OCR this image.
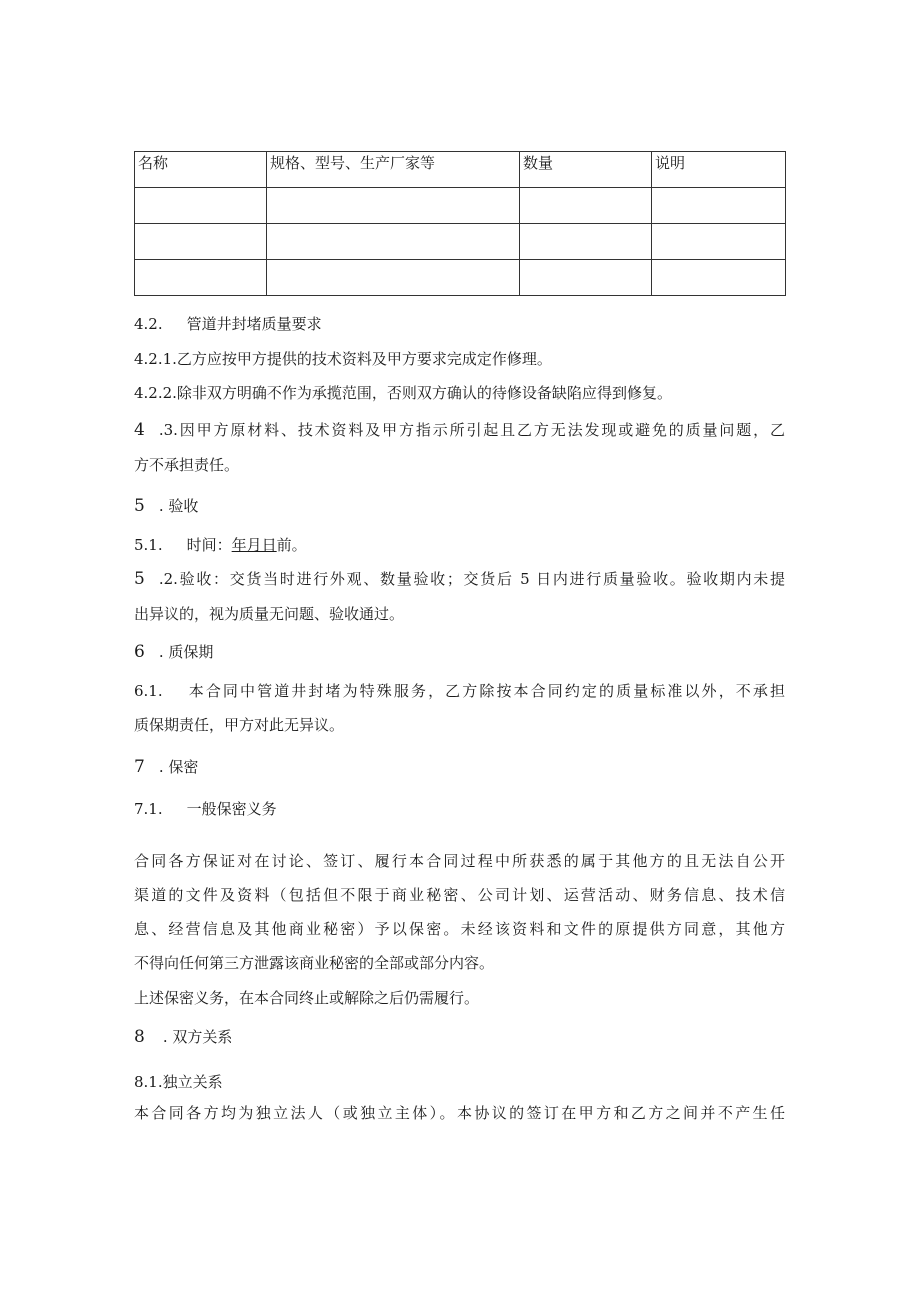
名称	规格、型号、生产厂家等	数量	说明

4.2. 管道井封堵质量要求
4.2.1.乙方应按甲方提供的技术资料及甲方要求完成定作修理。
4.2.2.除非双方明确不作为承揽范围，否则双方确认的待修设备缺陷应得到修复。
4 .3.因甲方原材料、技术资料及甲方指示所引起且乙方无法发现或避免的质量问题，乙
方不承担责任。
5 . 验收
5.1. 时间：年月日前。
5 .2.验收：交货当时进行外观、数量验收；交货后 5 日内进行质量验收。验收期内未提
出异议的，视为质量无问题、验收通过。
6 . 质保期
6.1. 本合同中管道井封堵为特殊服务，乙方除按本合同约定的质量标准以外，不承担
质保期责任，甲方对此无异议。
7 . 保密
7.1. 一般保密义务
合同各方保证对在讨论、签订、履行本合同过程中所获悉的属于其他方的且无法自公开
渠道的文件及资料（包括但不限于商业秘密、公司计划、运营活动、财务信息、技术信
息、经营信息及其他商业秘密）予以保密。未经该资料和文件的原提供方同意，其他方
不得向任何第三方泄露该商业秘密的全部或部分内容。
上述保密义务，在本合同终止或解除之后仍需履行。
8 . 双方关系
8.1.独立关系
本合同各方均为独立法人（或独立主体）。本协议的签订在甲方和乙方之间并不产生任
